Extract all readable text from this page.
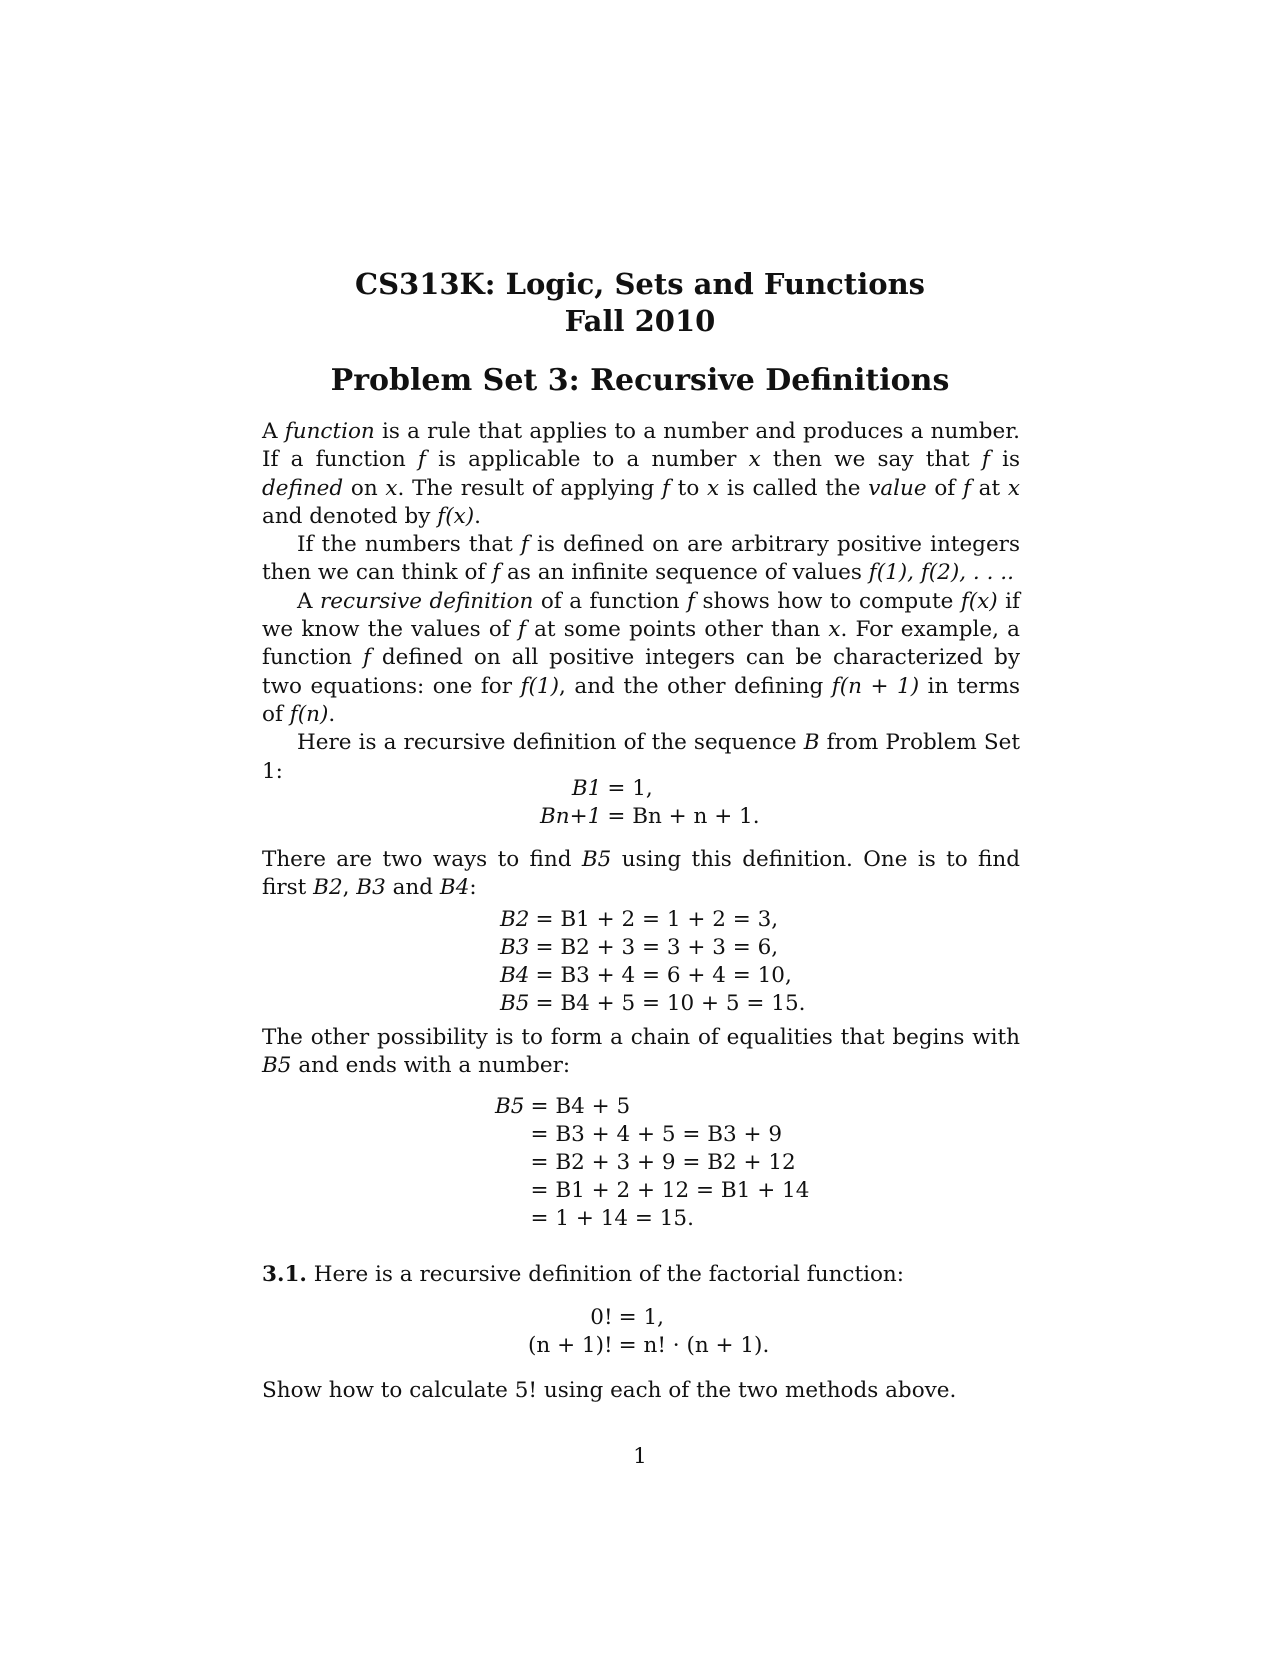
CS313K: Logic, Sets and Functions
Fall 2010
Problem Set 3: Recursive Definitions

A function is a rule that applies to a number and produces a number. If a function f is applicable to a number x then we say that f is defined on x. The result of applying f to x is called the value of f at x and denoted by f(x).

If the numbers that f is defined on are arbitrary positive integers then we can think of f as an infinite sequence of values f(1), f(2), . . ..

A recursive definition of a function f shows how to compute f(x) if we know the values of f at some points other than x. For example, a function f defined on all positive integers can be characterized by two equations: one for f(1), and the other defining f(n + 1) in terms of f(n).

Here is a recursive definition of the sequence B from Problem Set 1:

B1 = 1,
Bn+1 = Bn + n + 1.

There are two ways to find B5 using this definition. One is to find first B2, B3 and B4:

B2 = B1 + 2 = 1 + 2 = 3,
B3 = B2 + 3 = 3 + 3 = 6,
B4 = B3 + 4 = 6 + 4 = 10,
B5 = B4 + 5 = 10 + 5 = 15.

The other possibility is to form a chain of equalities that begins with B5 and ends with a number:

B5 = B4 + 5
= B3 + 4 + 5 = B3 + 9
= B2 + 3 + 9 = B2 + 12
= B1 + 2 + 12 = B1 + 14
= 1 + 14 = 15.

3.1. Here is a recursive definition of the factorial function:

0! = 1,
(n + 1)! = n! · (n + 1).

Show how to calculate 5! using each of the two methods above.

1
